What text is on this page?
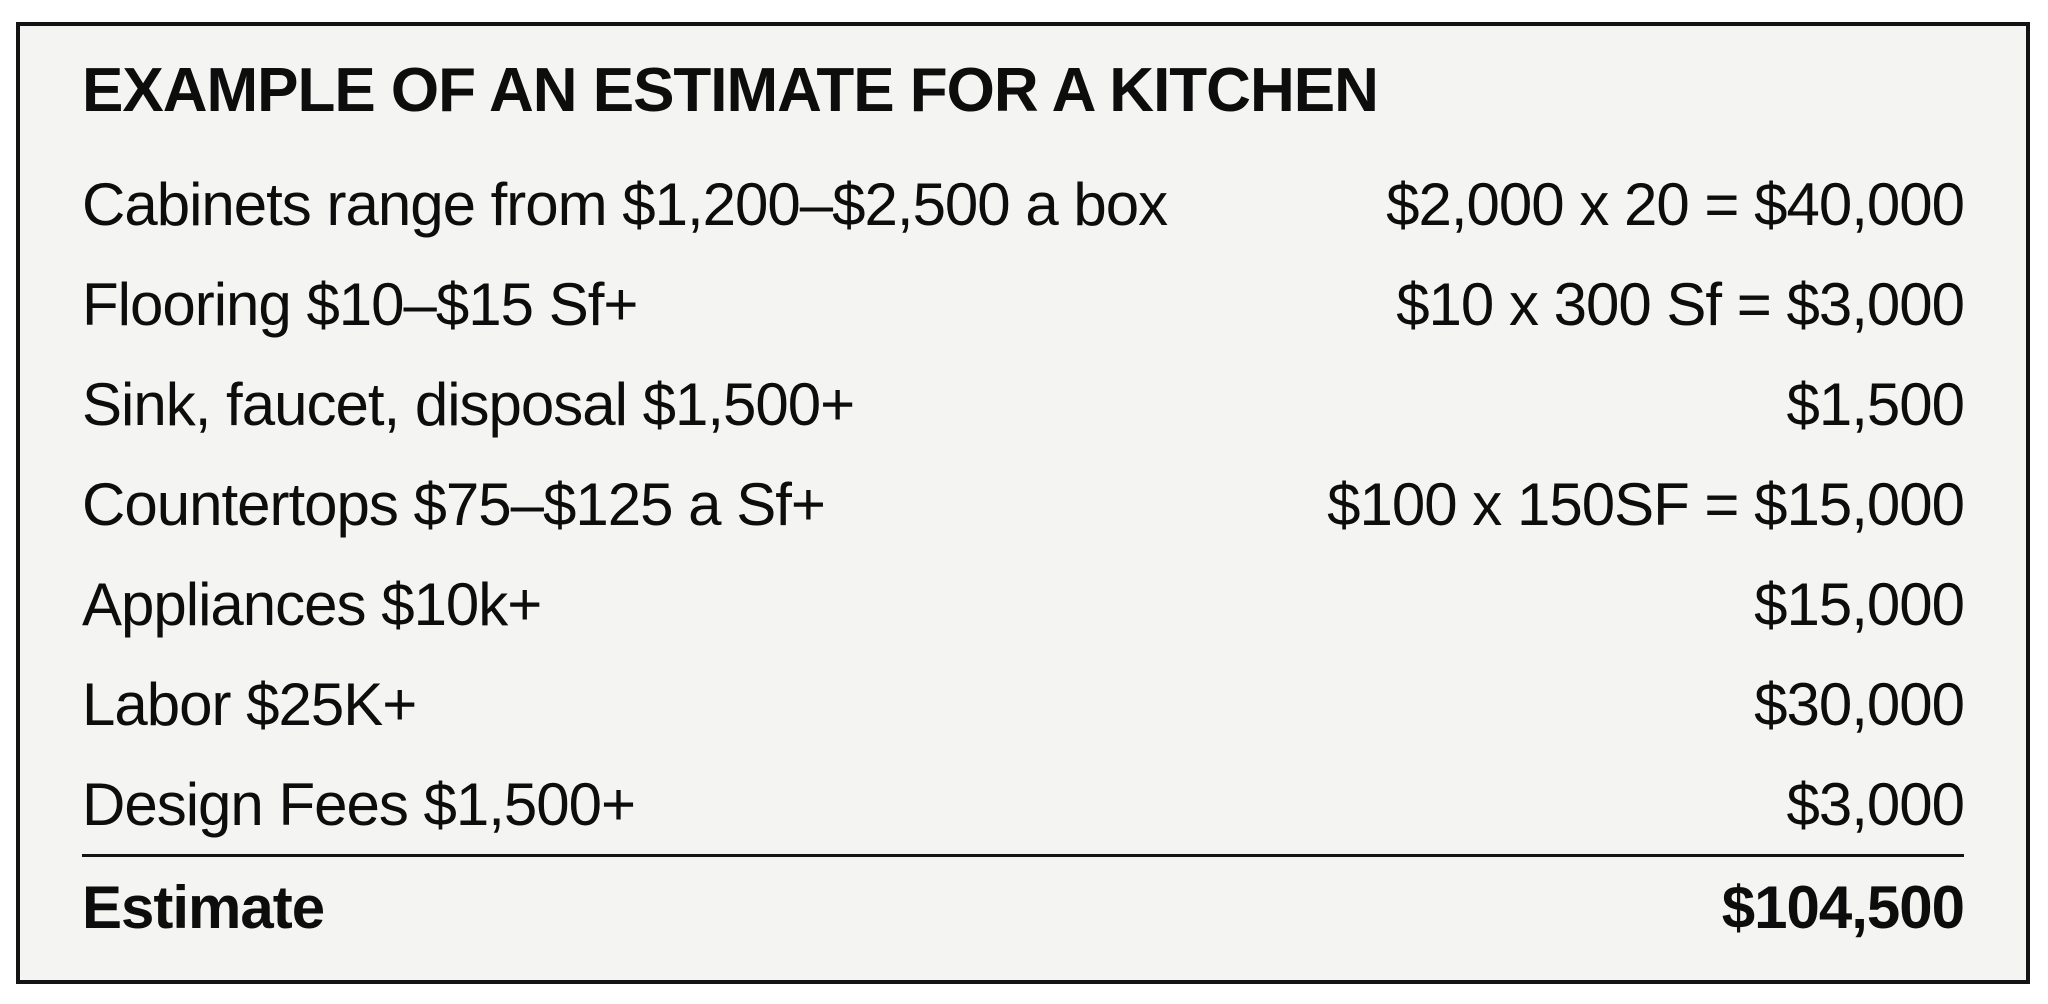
EXAMPLE OF AN ESTIMATE FOR A KITCHEN
Cabinets range from $1,200–$2,500 a box	$2,000 x 20 = $40,000
Flooring $10–$15 Sf+	$10 x 300 Sf = $3,000
Sink, faucet, disposal $1,500+	$1,500
Countertops $75–$125 a Sf+	$100 x 150SF = $15,000
Appliances $10k+	$15,000
Labor $25K+	$30,000
Design Fees $1,500+	$3,000
Estimate	$104,500
